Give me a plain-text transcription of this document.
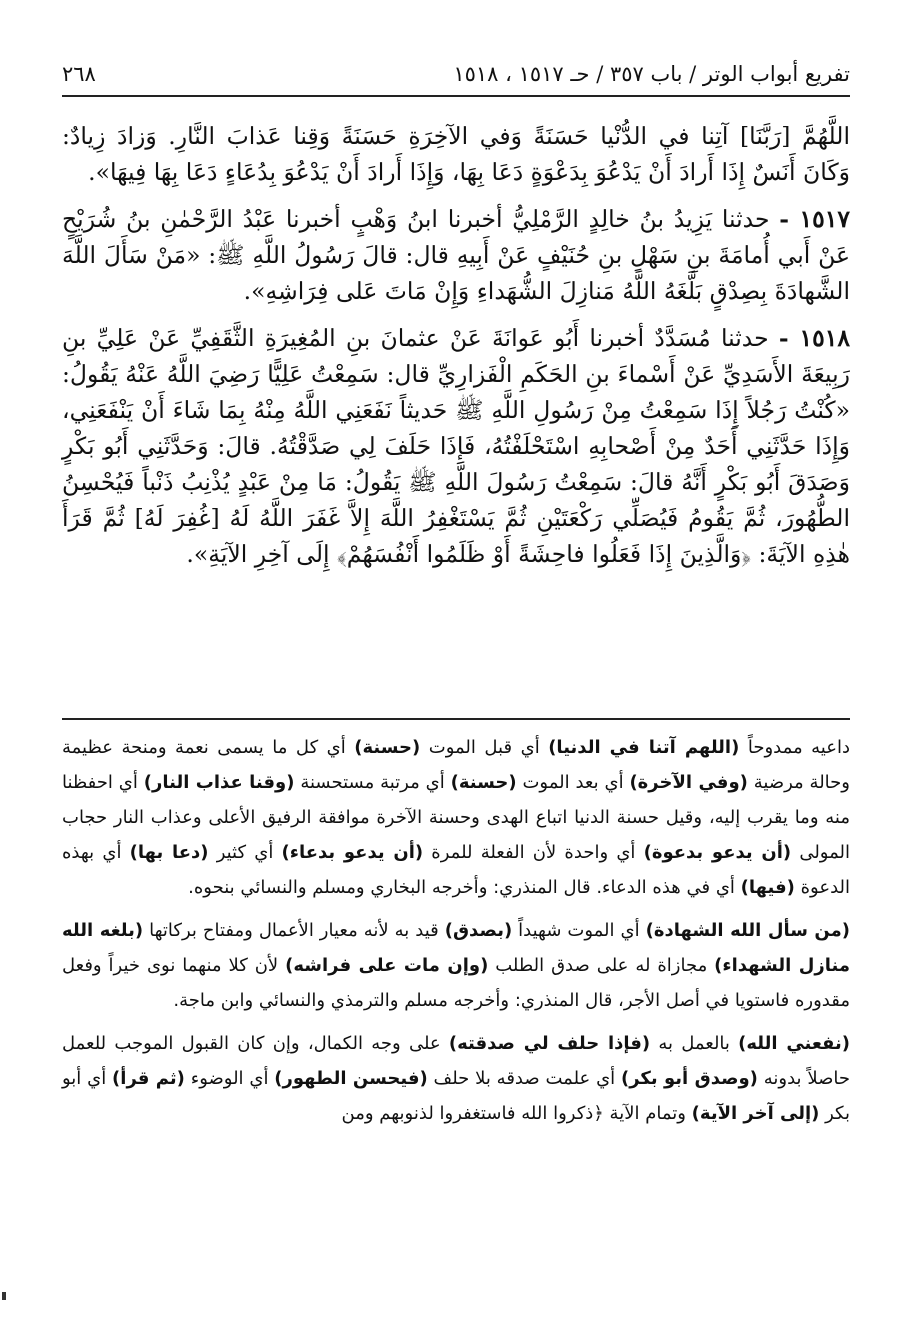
تفريع أبواب الوتر / باب ٣٥٧ / حـ ١٥١٧ ، ١٥١٨
٢٦٨

اللَّهُمَّ [رَبَّنَا] آتِنا في الدُّنْيا حَسَنَةً وَفي الآخِرَةِ حَسَنَةً وَقِنا عَذابَ النَّارِ. وَزادَ زِيادٌ: وَكَانَ أَنَسٌ إِذَا أَرادَ أَنْ يَدْعُوَ بِدَعْوَةٍ دَعَا بِهَا، وَإِذَا أَرادَ أَنْ يَدْعُوَ بِدُعَاءٍ دَعَا بِهَا فِيهَا».

١٥١٧ - حدثنا يَزِيدُ بنُ خالِدٍ الرَّمْلِيُّ أخبرنا ابنُ وَهْبٍ أخبرنا عَبْدُ الرَّحْمٰنِ بنُ شُرَيْحٍ عَنْ أَبي أُمامَةَ بنِ سَهْلِ بنِ حُنَيْفٍ عَنْ أَبِيهِ قال: قالَ رَسُولُ اللَّهِ ﷺ: «مَنْ سَأَلَ اللَّهَ الشَّهادَةَ بِصِدْقٍ بَلَّغَهُ اللَّهُ مَنازِلَ الشُّهَداءِ وَإِنْ مَاتَ عَلى فِرَاشِهِ».

١٥١٨ - حدثنا مُسَدَّدٌ أخبرنا أَبُو عَوانَةَ عَنْ عثمانَ بنِ المُغِيرَةِ الثَّقَفِيِّ عَنْ عَلِيِّ بنِ رَبِيعَةَ الأَسَدِيِّ عَنْ أَسْماءَ بنِ الحَكَمِ الْفَزارِيِّ قال: سَمِعْتُ عَلِيًّا رَضِيَ اللَّهُ عَنْهُ يَقُولُ: «كُنْتُ رَجُلاً إِذَا سَمِعْتُ مِنْ رَسُولِ اللَّهِ ﷺ حَديثاً نَفَعَنِي اللَّهُ مِنْهُ بِمَا شَاءَ أَنْ يَنْفَعَنِي، وَإِذَا حَدَّثَنِي أَحَدٌ مِنْ أَصْحابِهِ اسْتَحْلَفْتُهُ، فَإِذَا حَلَفَ لِي صَدَّقْتُهُ. قالَ: وَحَدَّثَنِي أَبُو بَكْرٍ وَصَدَقَ أَبُو بَكْرٍ أَنَّهُ قالَ: سَمِعْتُ رَسُولَ اللَّهِ ﷺ يَقُولُ: مَا مِنْ عَبْدٍ يُذْنِبُ ذَنْباً فَيُحْسِنُ الطُّهُورَ، ثُمَّ يَقُومُ فَيُصَلِّي رَكْعَتَيْنِ ثُمَّ يَسْتَغْفِرُ اللَّهَ إِلاَّ غَفَرَ اللَّهُ لَهُ [غُفِرَ لَهُ] ثُمَّ قَرَأَ هٰذِهِ الآيَةَ: ﴿وَالَّذِينَ إِذَا فَعَلُوا فاحِشَةً أَوْ ظَلَمُوا أَنْفُسَهُمْ﴾ إِلَى آخِرِ الآيَةِ».

داعيه ممدوحاً (اللهم آتنا في الدنيا) أي قبل الموت (حسنة) أي كل ما يسمى نعمة ومنحة عظيمة وحالة مرضية (وفي الآخرة) أي بعد الموت (حسنة) أي مرتبة مستحسنة (وقنا عذاب النار) أي احفظنا منه وما يقرب إليه، وقيل حسنة الدنيا اتباع الهدى وحسنة الآخرة موافقة الرفيق الأعلى وعذاب النار حجاب المولى (أن يدعو بدعوة) أي واحدة لأن الفعلة للمرة (أن يدعو بدعاء) أي كثير (دعا بها) أي بهذه الدعوة (فيها) أي في هذه الدعاء. قال المنذري: وأخرجه البخاري ومسلم والنسائي بنحوه.

(من سأل الله الشهادة) أي الموت شهيداً (بصدق) قيد به لأنه معيار الأعمال ومفتاح بركاتها (بلغه الله منازل الشهداء) مجازاة له على صدق الطلب (وإن مات على فراشه) لأن كلا منهما نوى خيراً وفعل مقدوره فاستويا في أصل الأجر، قال المنذري: وأخرجه مسلم والترمذي والنسائي وابن ماجة.

(نفعني الله) بالعمل به (فإذا حلف لي صدقته) على وجه الكمال، وإن كان القبول الموجب للعمل حاصلاً بدونه (وصدق أبو بكر) أي علمت صدقه بلا حلف (فيحسن الطهور) أي الوضوء (ثم قرأ) أي أبو بكر (إلى آخر الآية) وتمام الآية ﴿ذكروا الله فاستغفروا لذنوبهم ومن
